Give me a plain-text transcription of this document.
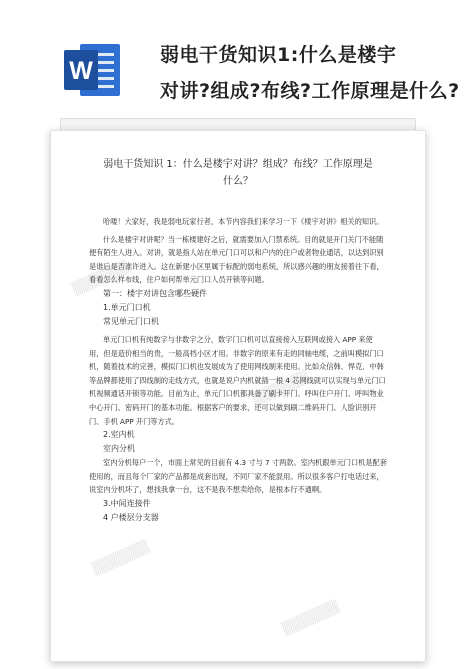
W
弱电干货知识1:什么是楼宇
对讲?组成?布线?工作原理是什么?
▒▒▒▒▒▒
▒▒▒▒▒▒
▒▒▒▒▒▒
▒▒▒▒▒▒
弱电干货知识 1：什么是楼宇对讲？组成？布线？工作原理是
什么？

哈喽！大家好，我是弱电玩家行者，本节内容我们来学习一下《楼宇对讲》相关的知识。

什么是楼宇对讲呢？当一栋楼建好之后，就需要加入门禁系统。目的就是开门关门不能随便有陌生人进入。对讲，就是指人站在单元门口可以和户内的住户或者物业通话，以达到识别是谁后是否准许进入。这在新建小区里属于标配的弱电系统，所以感兴趣的朋友接着往下看，看看怎么样布线，住户如何帮单元门口人员开锁等问题。

第一：楼宇对讲包含哪些硬件
1.单元门口机
常见单元门口机

单元门口机有纯数字与非数字之分，数字门口机可以直接接入互联网或接入 APP 来使用，但是造价相当的贵，一般高档小区才用。非数字的原来有走的同轴电缆，之前叫模拟门口机，随着技术的完善，模拟门口机也发展成为了使用网线制来使用。比如众信韩、悍克、中韩等品牌都使用了四线制的走线方式，也就是说户内机就插一根 4 芯网线就可以实现与单元门口机视频通话开锁等功能。目前为止，单元门口机都具备了刷卡开门、呼叫住户开门、呼叫物业中心开门、密码开门的基本功能。根据客户的要求，还可以做到刷二维码开门、人脸识别开门、手机 APP 开门等方式。

2.室内机
室内分机

室内分机每户一个，市面上常见的目前有 4.3 寸与 7 寸两款。室内机跟单元门口机是配套使用的，而且每个厂家的产品都是成套出现，不同厂家不能混用。所以很多客户打电话过来，说室内分机坏了，想找我拿一台，这不是我不想卖给你，是根本行不通啊。

3.中间连接件
4 户楼层分支器
